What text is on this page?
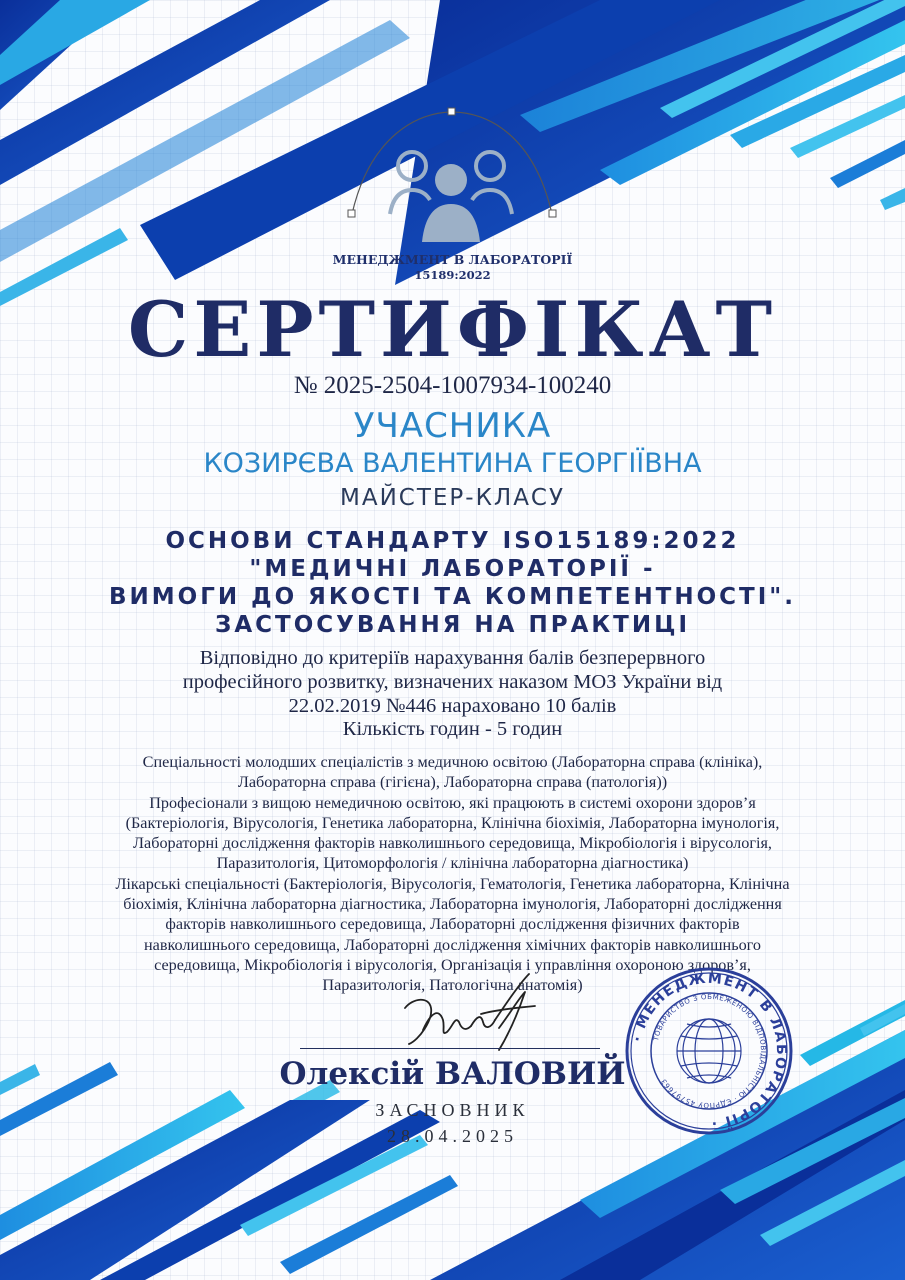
МЕНЕДЖМЕНТ В ЛАБОРАТОРІЇ

15189:2022

СЕРТИФІКАТ

№ 2025-2504-1007934-100240

УЧАСНИКА

КОЗИРЄВА ВАЛЕНТИНА ГЕОРГІЇВНА

МАЙСТЕР-КЛАСУ

ОСНОВИ СТАНДАРТУ ISO15189:2022
"МЕДИЧНІ ЛАБОРАТОРІЇ -
ВИМОГИ ДО ЯКОСТІ ТА КОМПЕТЕНТНОСТІ".
ЗАСТОСУВАННЯ НА ПРАКТИЦІ
Відповідно до критеріїв нарахування балів безперервного
професійного розвитку, визначених наказом МОЗ України від
22.02.2019 №446 нараховано 10 балів

Кількість годин - 5 годин

Спеціальності молодших спеціалістів з медичною освітою (Лабораторна справа (клініка),
Лабораторна справа (гігієна), Лабораторна справа (патологія))
Професіонали з вищою немедичною освітою, які працюють в системі охорони здоров’я
(Бактеріологія, Вірусологія, Генетика лабораторна, Клінічна біохімія, Лабораторна імунологія,
Лабораторні дослідження факторів навколишнього середовища, Мікробіологія і вірусологія,
Паразитологія, Цитоморфологія / клінічна лабораторна діагностика)
Лікарські спеціальності (Бактеріологія, Вірусологія, Гематологія, Генетика лабораторна, Клінічна
біохімія, Клінічна лабораторна діагностика, Лабораторна імунологія, Лабораторні дослідження
факторів навколишнього середовища, Лабораторні дослідження фізичних факторів
навколишнього середовища, Лабораторні дослідження хімічних факторів навколишнього
середовища, Мікробіологія і вірусологія, Організація і управління охороною здоров’я,
Паразитологія, Патологічна анатомія)

Олексій ВАЛОВИЙ

ЗАСНОВНИК

28.04.2025

· МЕНЕДЖМЕНТ В ЛАБОРАТОРІЇ ·
ТОВАРИСТВО З ОБМЕЖЕНОЮ ВІДПОВІДАЛЬНІСТЮ · ЄДРПОУ 45797663
